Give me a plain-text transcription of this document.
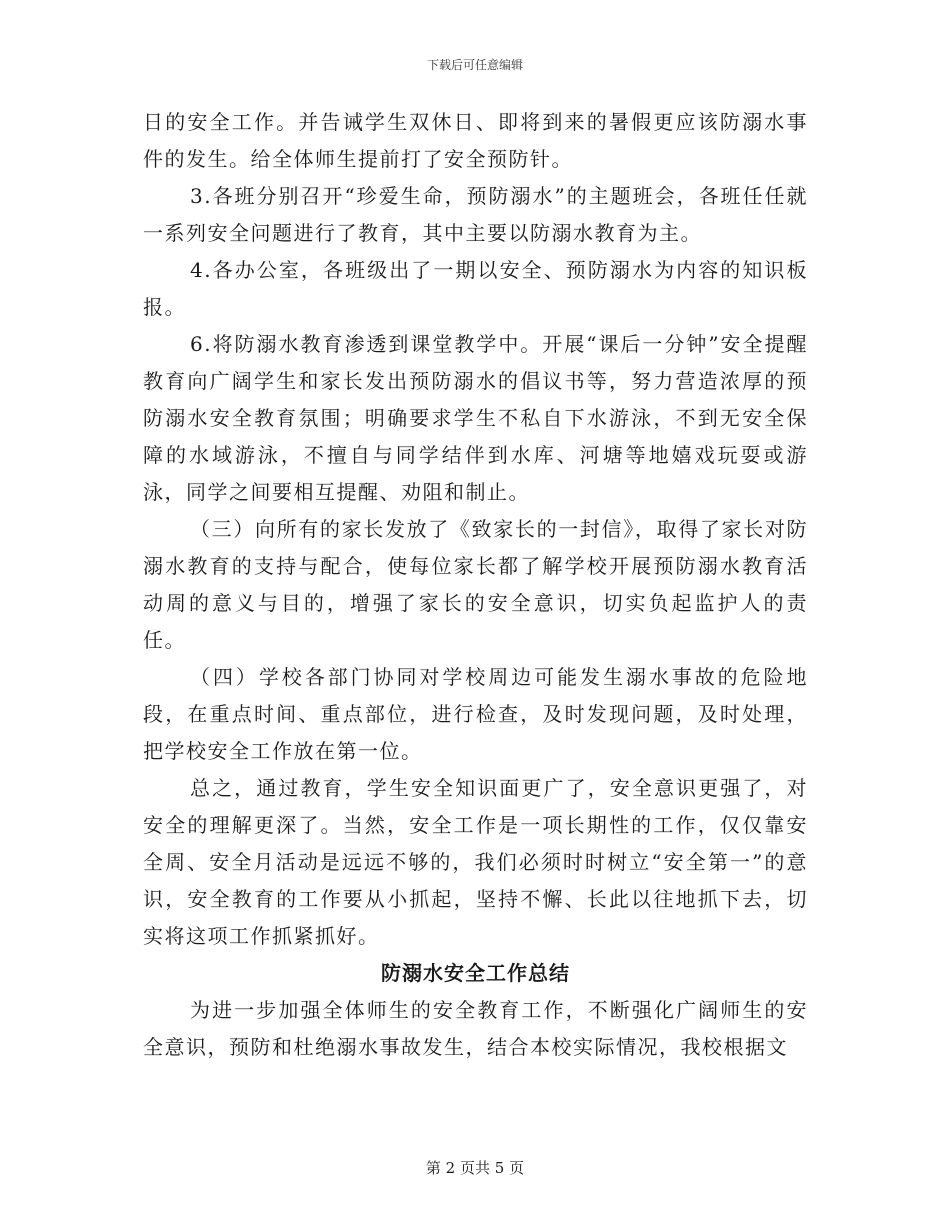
下载后可任意编辑

日的安全工作。并告诫学生双休日、即将到来的暑假更应该防溺水事件的发生。给全体师生提前打了安全预防针。

3.各班分别召开“珍爱生命，预防溺水”的主题班会，各班任任就一系列安全问题进行了教育，其中主要以防溺水教育为主。

4.各办公室，各班级出了一期以安全、预防溺水为内容的知识板报。

6.将防溺水教育渗透到课堂教学中。开展“课后一分钟”安全提醒教育向广阔学生和家长发出预防溺水的倡议书等，努力营造浓厚的预防溺水安全教育氛围；明确要求学生不私自下水游泳，不到无安全保障的水域游泳，不擅自与同学结伴到水库、河塘等地嬉戏玩耍或游泳，同学之间要相互提醒、劝阻和制止。

（三）向所有的家长发放了《致家长的一封信》，取得了家长对防溺水教育的支持与配合，使每位家长都了解学校开展预防溺水教育活动周的意义与目的，增强了家长的安全意识，切实负起监护人的责任。

（四）学校各部门协同对学校周边可能发生溺水事故的危险地段，在重点时间、重点部位，进行检查，及时发现问题，及时处理，把学校安全工作放在第一位。

总之，通过教育，学生安全知识面更广了，安全意识更强了，对安全的理解更深了。当然，安全工作是一项长期性的工作，仅仅靠安全周、安全月活动是远远不够的，我们必须时时树立“安全第一”的意识，安全教育的工作要从小抓起，坚持不懈、长此以往地抓下去，切实将这项工作抓紧抓好。

防溺水安全工作总结

为进一步加强全体师生的安全教育工作，不断强化广阔师生的安全意识，预防和杜绝溺水事故发生，结合本校实际情况，我校根据文

第 2 页共 5 页
